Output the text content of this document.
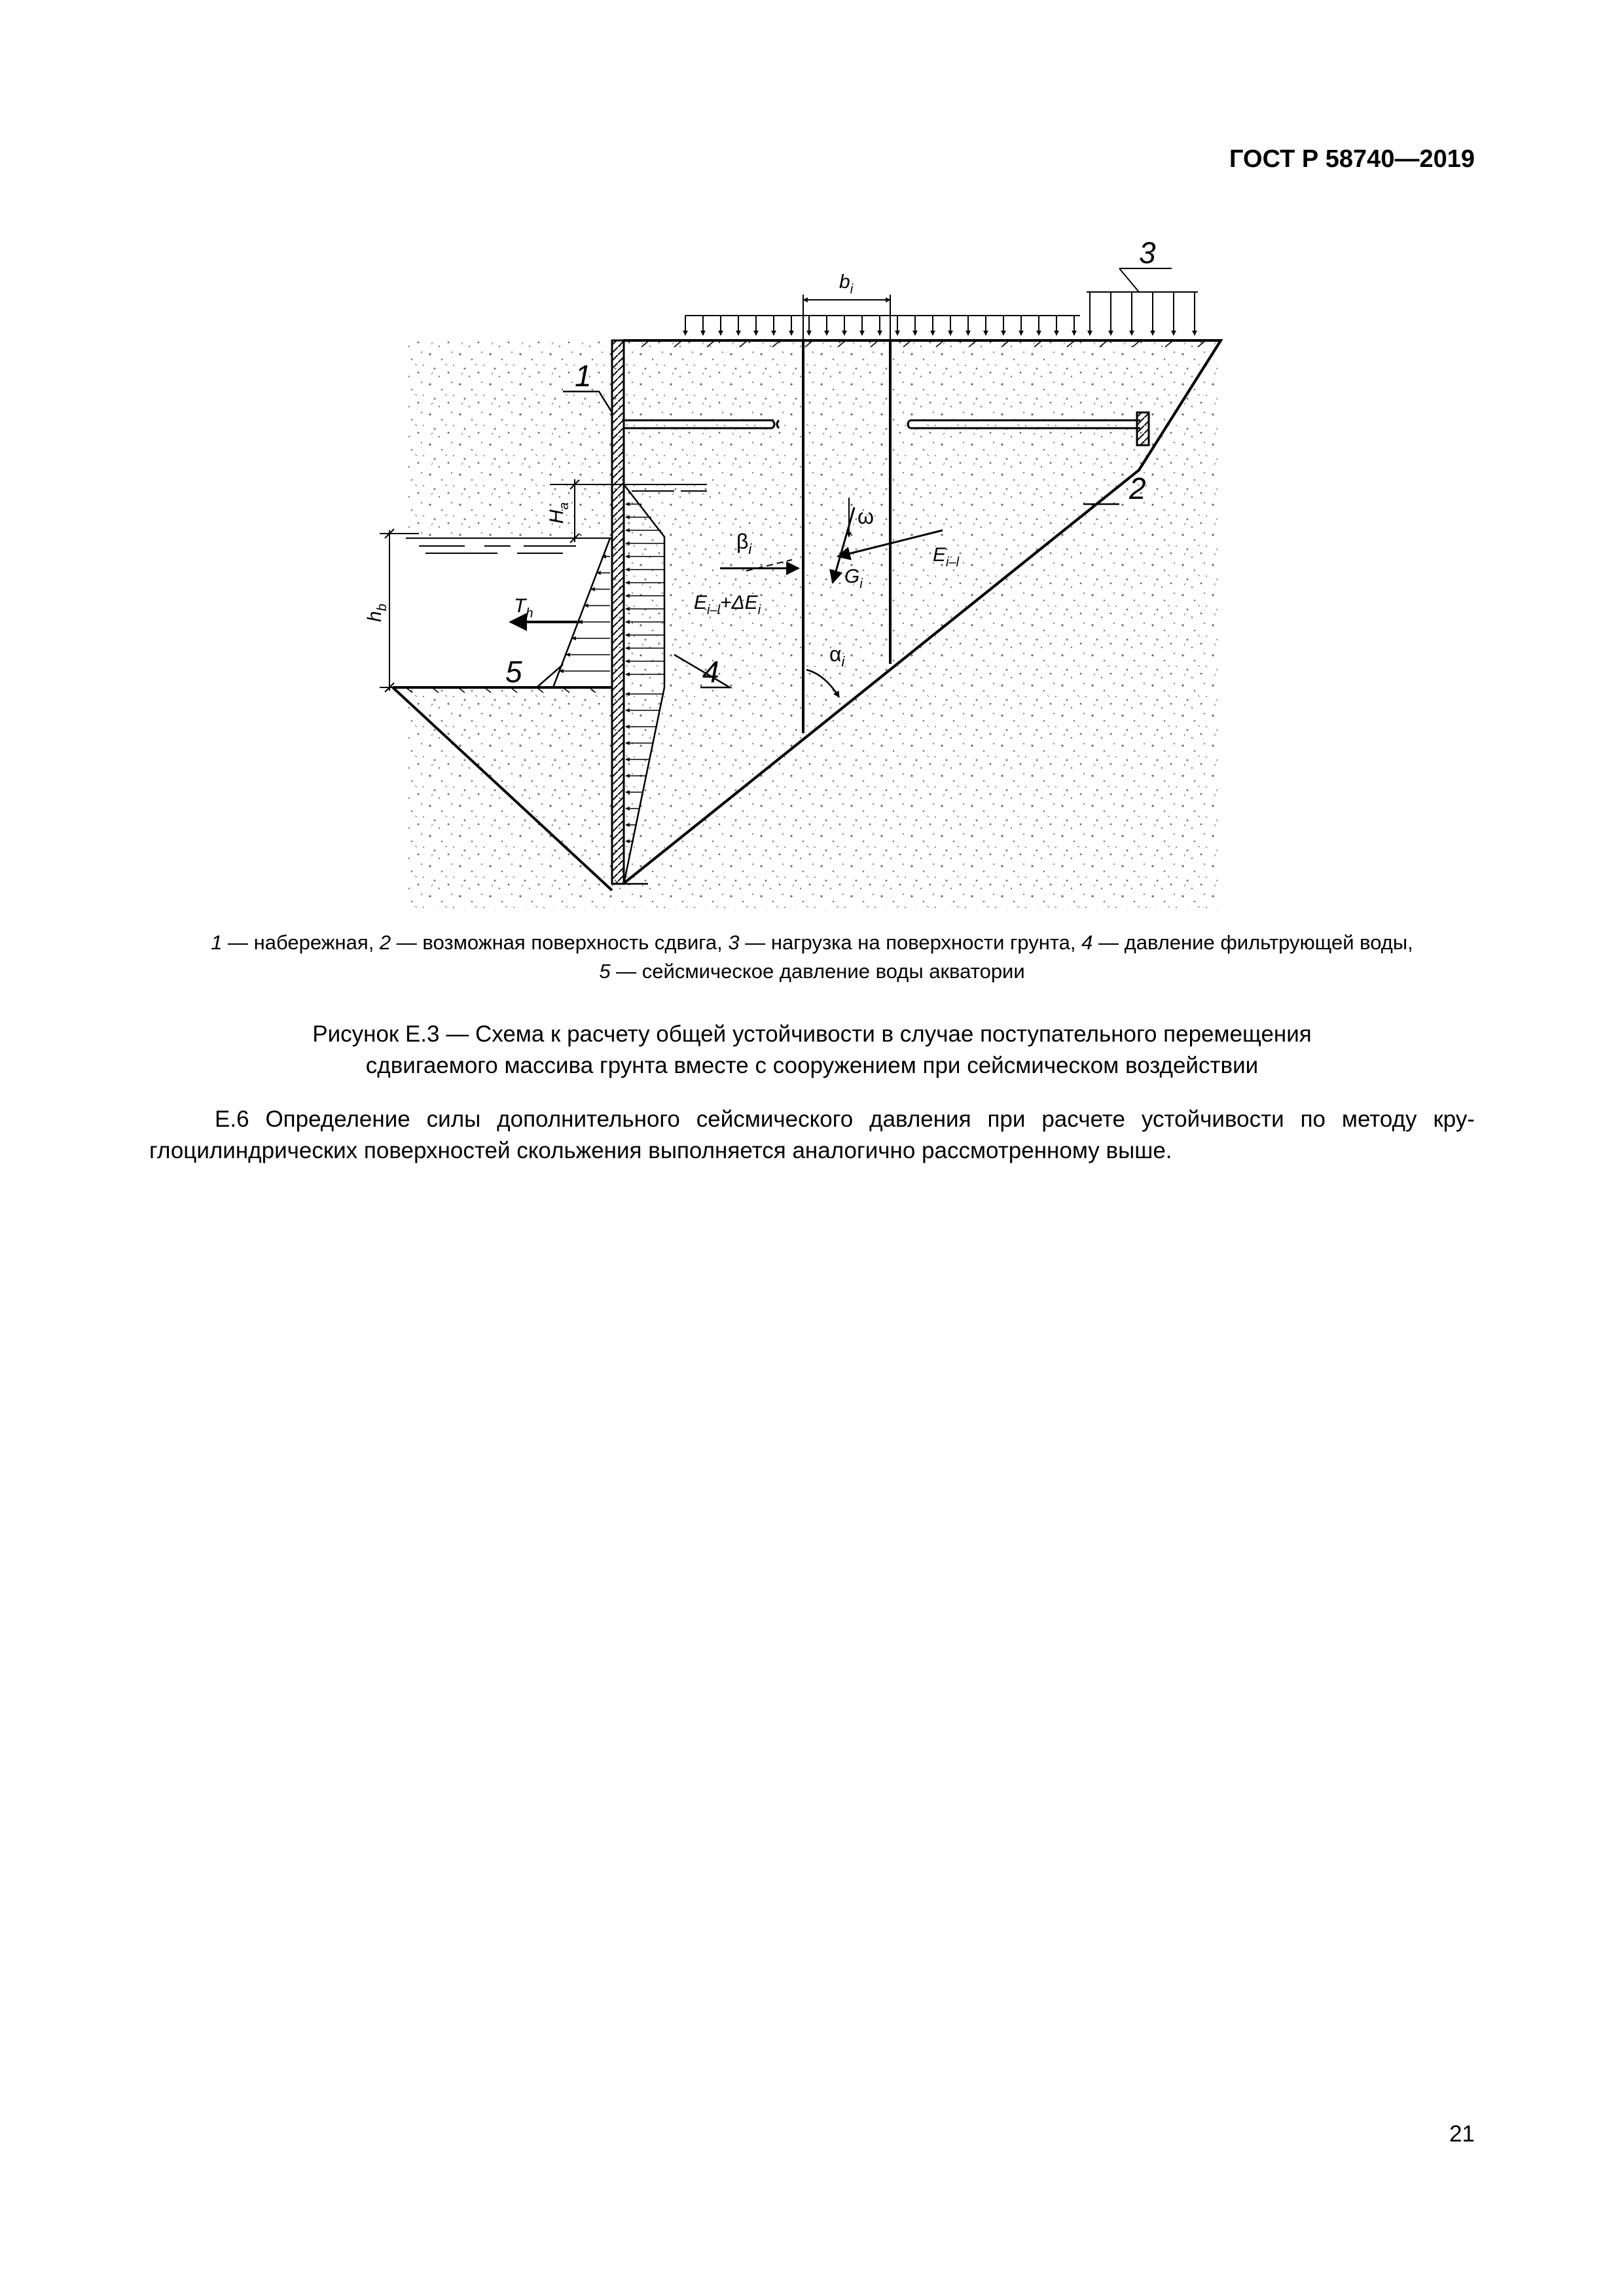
ГОСТ Р 58740—2019
1
2
3
4
5
$b_i$
$T_h$
$\beta_i$
ω
$G_i$
$\alpha_i$
$E_{i-l}$
$E_{i-l}+\Delta E_i$
$H_a$
$h_b$
1 — набережная, 2 — возможная поверхность сдвига, 3 — нагрузка на поверхности грунта, 4 — давление фильтрующей воды,
5 — сейсмическое давление воды акватории
Рисунок Е.3 — Схема к расчету общей устойчивости в случае поступательного перемещения
сдвигаемого массива грунта вместе с сооружением при сейсмическом воздействии
Е.6 Определение силы дополнительного сейсмического давления при расчете устойчивости по методу кру-
глоцилиндрических поверхностей скольжения выполняется аналогично рассмотренному выше.
21
